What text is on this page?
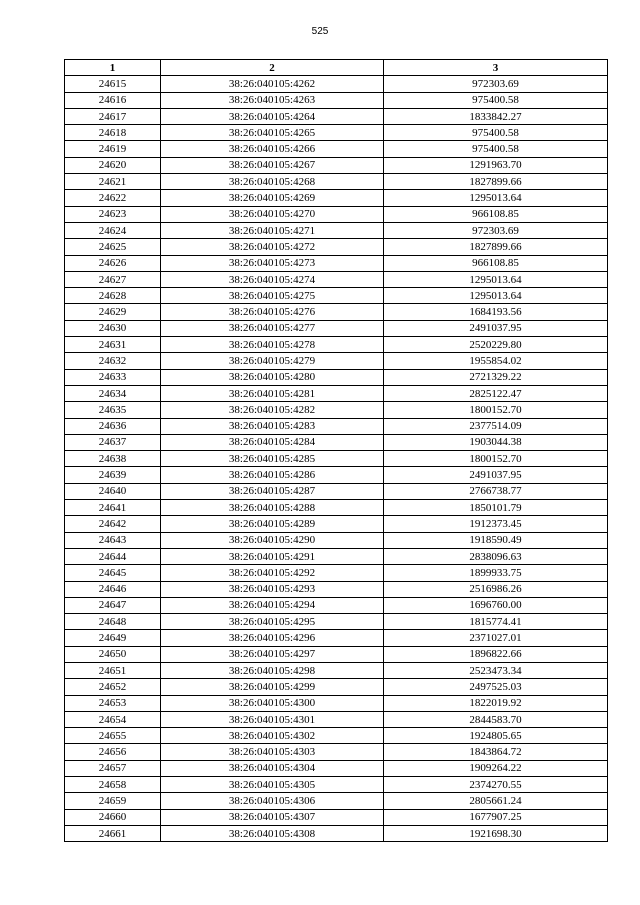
525
1	2	3
24615	38:26:040105:4262	972303.69
24616	38:26:040105:4263	975400.58
24617	38:26:040105:4264	1833842.27
24618	38:26:040105:4265	975400.58
24619	38:26:040105:4266	975400.58
24620	38:26:040105:4267	1291963.70
24621	38:26:040105:4268	1827899.66
24622	38:26:040105:4269	1295013.64
24623	38:26:040105:4270	966108.85
24624	38:26:040105:4271	972303.69
24625	38:26:040105:4272	1827899.66
24626	38:26:040105:4273	966108.85
24627	38:26:040105:4274	1295013.64
24628	38:26:040105:4275	1295013.64
24629	38:26:040105:4276	1684193.56
24630	38:26:040105:4277	2491037.95
24631	38:26:040105:4278	2520229.80
24632	38:26:040105:4279	1955854.02
24633	38:26:040105:4280	2721329.22
24634	38:26:040105:4281	2825122.47
24635	38:26:040105:4282	1800152.70
24636	38:26:040105:4283	2377514.09
24637	38:26:040105:4284	1903044.38
24638	38:26:040105:4285	1800152.70
24639	38:26:040105:4286	2491037.95
24640	38:26:040105:4287	2766738.77
24641	38:26:040105:4288	1850101.79
24642	38:26:040105:4289	1912373.45
24643	38:26:040105:4290	1918590.49
24644	38:26:040105:4291	2838096.63
24645	38:26:040105:4292	1899933.75
24646	38:26:040105:4293	2516986.26
24647	38:26:040105:4294	1696760.00
24648	38:26:040105:4295	1815774.41
24649	38:26:040105:4296	2371027.01
24650	38:26:040105:4297	1896822.66
24651	38:26:040105:4298	2523473.34
24652	38:26:040105:4299	2497525.03
24653	38:26:040105:4300	1822019.92
24654	38:26:040105:4301	2844583.70
24655	38:26:040105:4302	1924805.65
24656	38:26:040105:4303	1843864.72
24657	38:26:040105:4304	1909264.22
24658	38:26:040105:4305	2374270.55
24659	38:26:040105:4306	2805661.24
24660	38:26:040105:4307	1677907.25
24661	38:26:040105:4308	1921698.30
